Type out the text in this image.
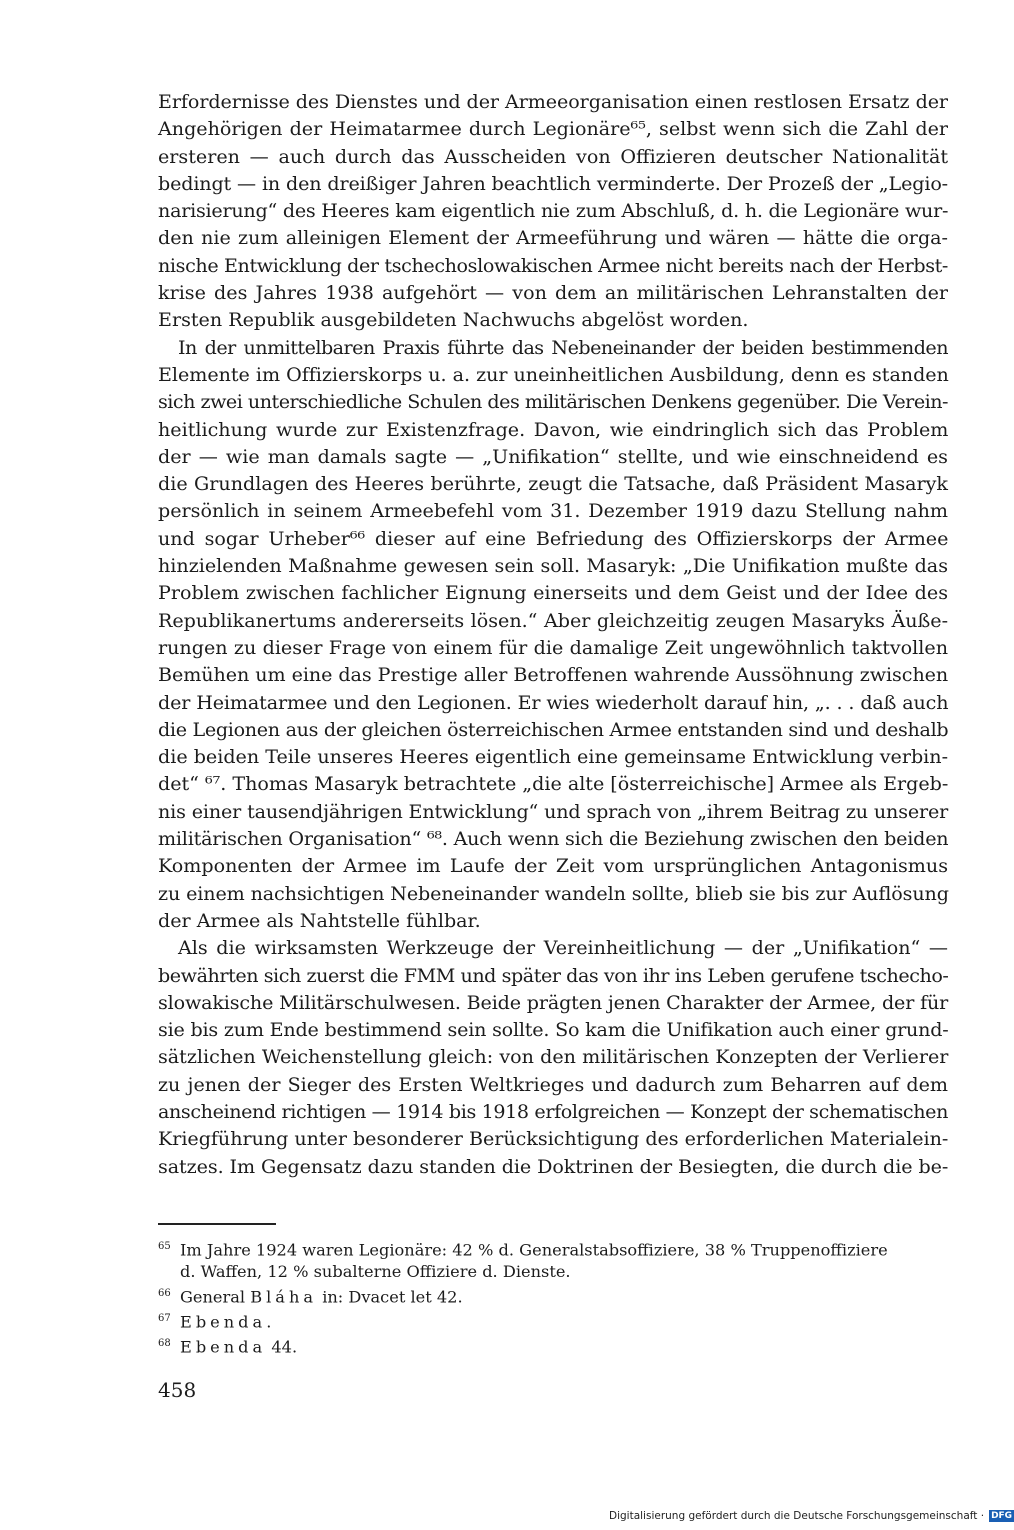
Erfordernisse des Dienstes und der Armeeorganisation einen restlosen Ersatz der
Angehörigen der Heimatarmee durch Legionäre⁶⁵, selbst wenn sich die Zahl der
ersteren — auch durch das Ausscheiden von Offizieren deutscher Nationalität
bedingt — in den dreißiger Jahren beachtlich verminderte. Der Prozeß der „Legio-
narisierung“ des Heeres kam eigentlich nie zum Abschluß, d. h. die Legionäre wur-
den nie zum alleinigen Element der Armeeführung und wären — hätte die orga-
nische Entwicklung der tschechoslowakischen Armee nicht bereits nach der Herbst-
krise des Jahres 1938 aufgehört — von dem an militärischen Lehranstalten der
Ersten Republik ausgebildeten Nachwuchs abgelöst worden.

In der unmittelbaren Praxis führte das Nebeneinander der beiden bestimmenden
Elemente im Offizierskorps u. a. zur uneinheitlichen Ausbildung, denn es standen
sich zwei unterschiedliche Schulen des militärischen Denkens gegenüber. Die Verein-
heitlichung wurde zur Existenzfrage. Davon, wie eindringlich sich das Problem
der — wie man damals sagte — „Unifikation“ stellte, und wie einschneidend es
die Grundlagen des Heeres berührte, zeugt die Tatsache, daß Präsident Masaryk
persönlich in seinem Armeebefehl vom 31. Dezember 1919 dazu Stellung nahm
und sogar Urheber⁶⁶ dieser auf eine Befriedung des Offizierskorps der Armee
hinzielenden Maßnahme gewesen sein soll. Masaryk: „Die Unifikation mußte das
Problem zwischen fachlicher Eignung einerseits und dem Geist und der Idee des
Republikanertums andererseits lösen.“ Aber gleichzeitig zeugen Masaryks Äuße-
rungen zu dieser Frage von einem für die damalige Zeit ungewöhnlich taktvollen
Bemühen um eine das Prestige aller Betroffenen wahrende Aussöhnung zwischen
der Heimatarmee und den Legionen. Er wies wiederholt darauf hin, „. . . daß auch
die Legionen aus der gleichen österreichischen Armee entstanden sind und deshalb
die beiden Teile unseres Heeres eigentlich eine gemeinsame Entwicklung verbin-
det“ ⁶⁷. Thomas Masaryk betrachtete „die alte [österreichische] Armee als Ergeb-
nis einer tausendjährigen Entwicklung“ und sprach von „ihrem Beitrag zu unserer
militärischen Organisation“ ⁶⁸. Auch wenn sich die Beziehung zwischen den beiden
Komponenten der Armee im Laufe der Zeit vom ursprünglichen Antagonismus
zu einem nachsichtigen Nebeneinander wandeln sollte, blieb sie bis zur Auflösung
der Armee als Nahtstelle fühlbar.

Als die wirksamsten Werkzeuge der Vereinheitlichung — der „Unifikation“ —
bewährten sich zuerst die FMM und später das von ihr ins Leben gerufene tschecho-
slowakische Militärschulwesen. Beide prägten jenen Charakter der Armee, der für
sie bis zum Ende bestimmend sein sollte. So kam die Unifikation auch einer grund-
sätzlichen Weichenstellung gleich: von den militärischen Konzepten der Verlierer
zu jenen der Sieger des Ersten Weltkrieges und dadurch zum Beharren auf dem
anscheinend richtigen — 1914 bis 1918 erfolgreichen — Konzept der schematischen
Kriegführung unter besonderer Berücksichtigung des erforderlichen Materialein-
satzes. Im Gegensatz dazu standen die Doktrinen der Besiegten, die durch die be-

65 Im Jahre 1924 waren Legionäre: 42 % d. Generalstabsoffiziere, 38 % Truppenoffiziere
d. Waffen, 12 % subalterne Offiziere d. Dienste.
66 General Bláha in: Dvacet let 42.
67 Ebenda.
68 Ebenda 44.
458
Digitalisierung gefördert durch die Deutsche Forschungsgemeinschaft · DFG
